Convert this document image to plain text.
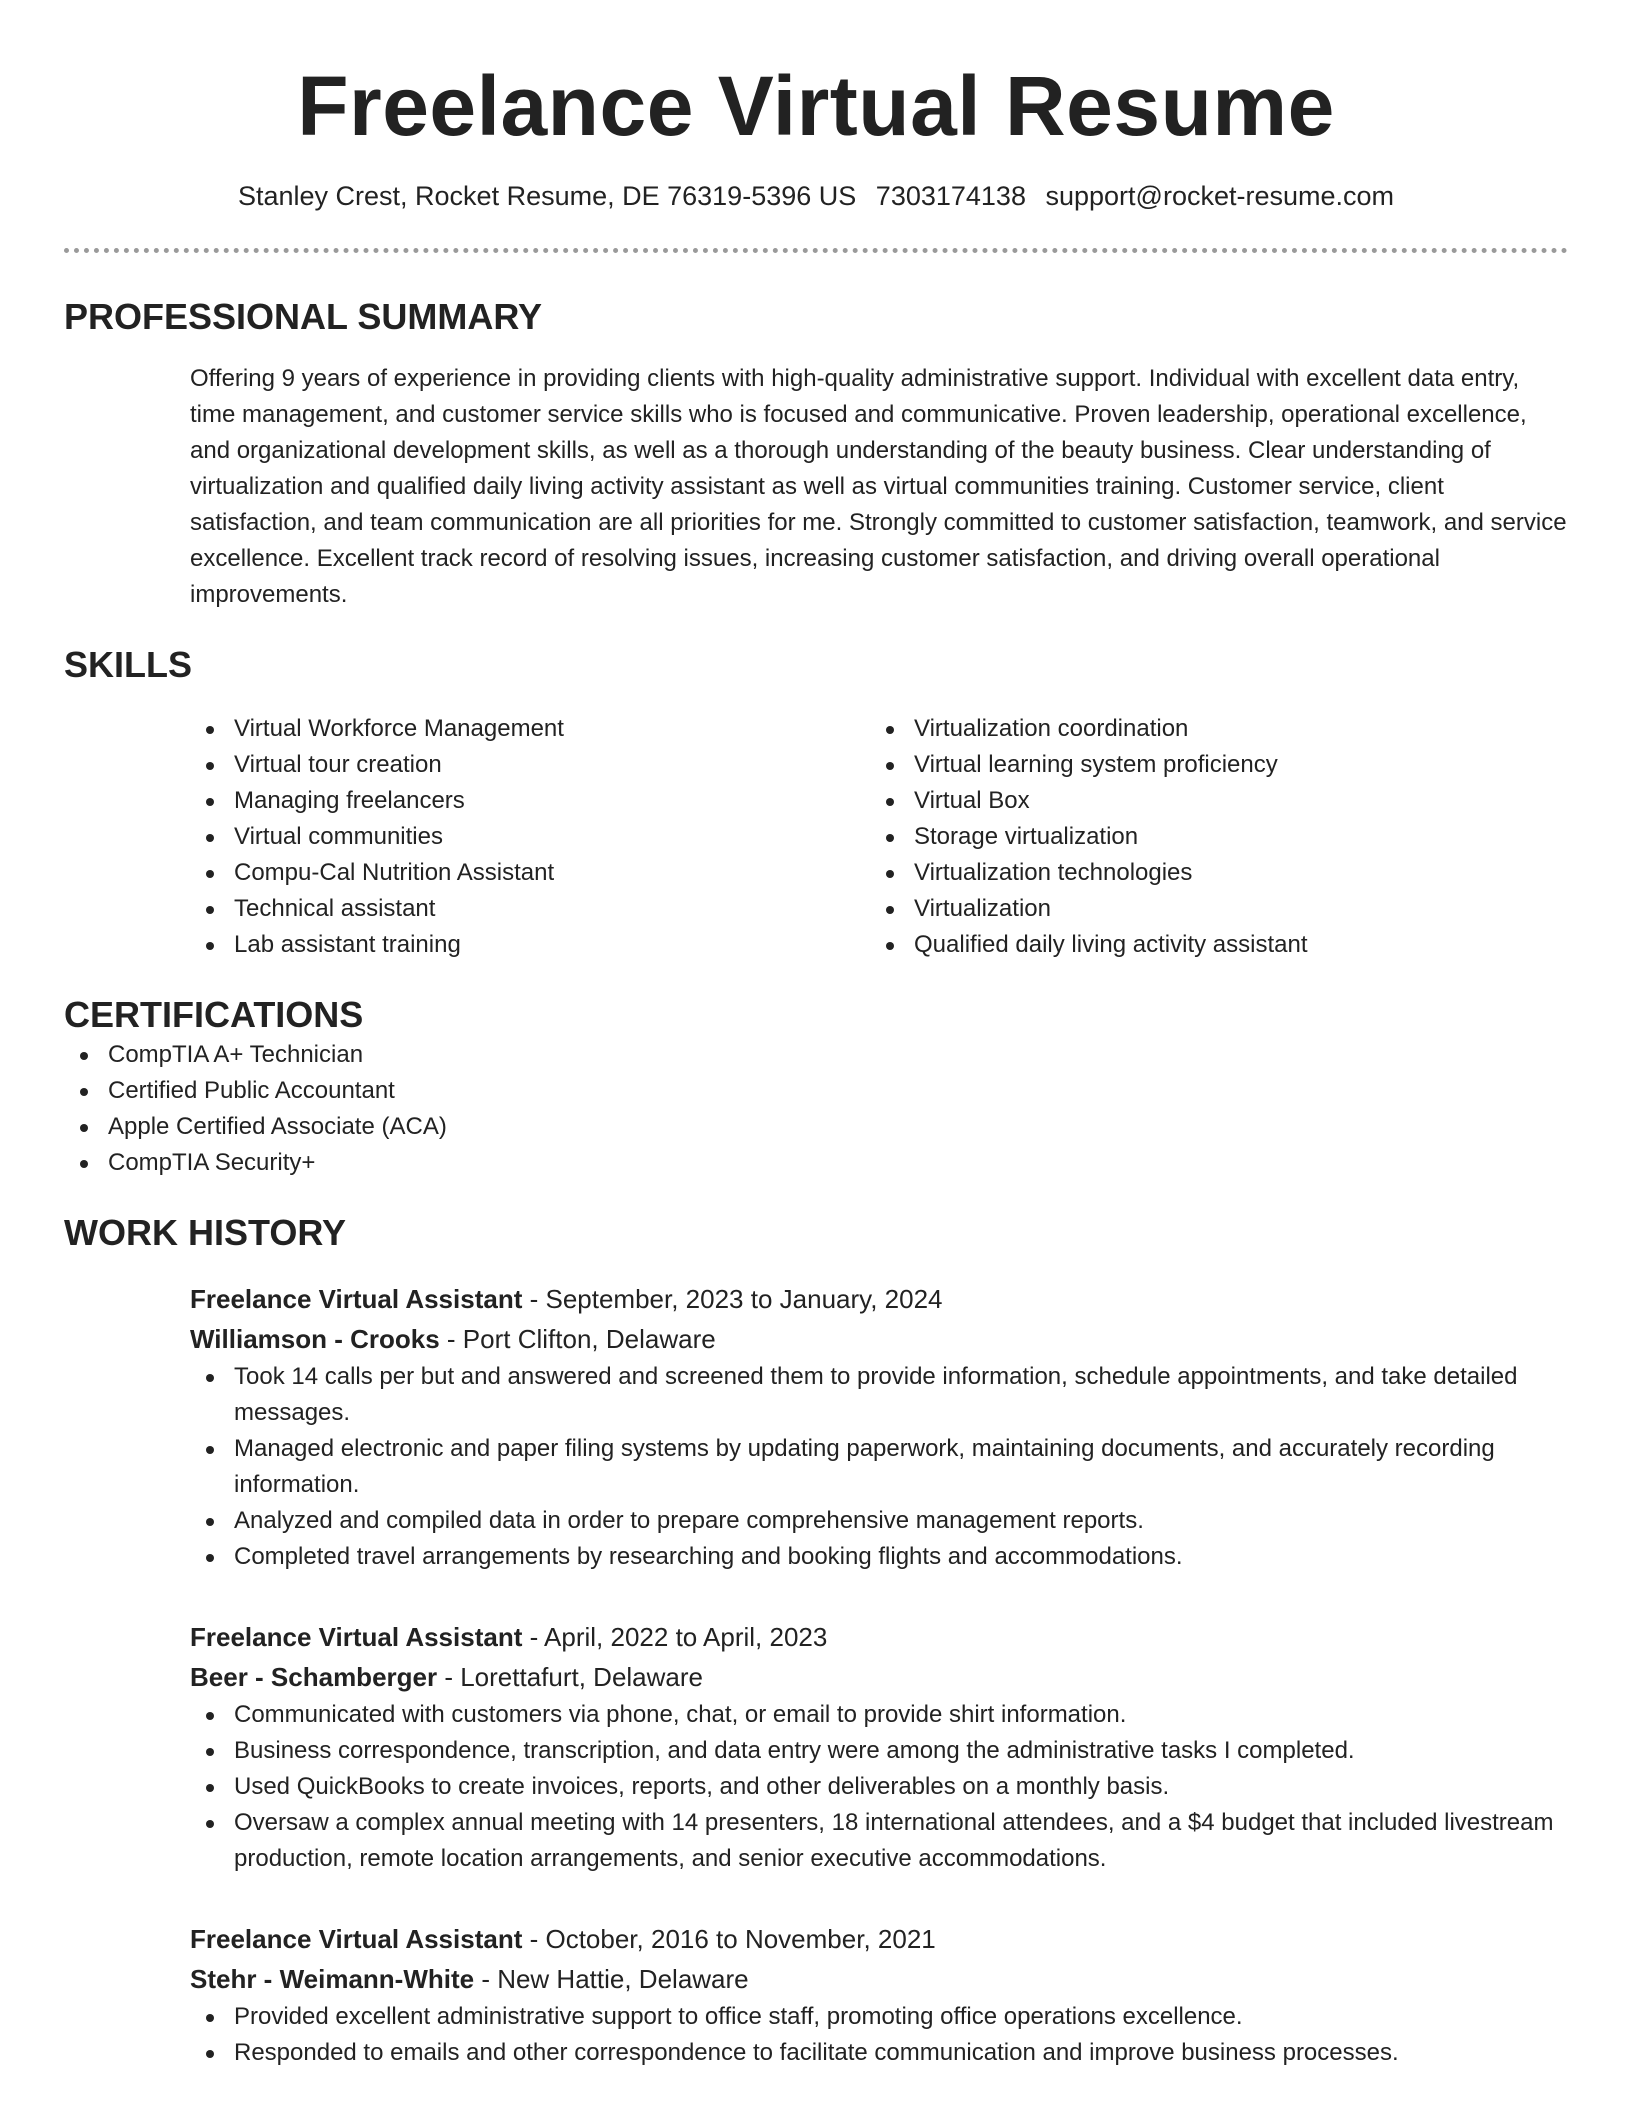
Freelance Virtual Resume
Stanley Crest, Rocket Resume, DE 76319-5396 US 7303174138 support@rocket-resume.com
PROFESSIONAL SUMMARY

Offering 9 years of experience in providing clients with high-quality administrative support. Individual with excellent data entry, time management, and customer service skills who is focused and communicative. Proven leadership, operational excellence, and organizational development skills, as well as a thorough understanding of the beauty business. Clear understanding of virtualization and qualified daily living activity assistant as well as virtual communities training. Customer service, client satisfaction, and team communication are all priorities for me. Strongly committed to customer satisfaction, teamwork, and service excellence. Excellent track record of resolving issues, increasing customer satisfaction, and driving overall operational improvements.

SKILLS
Virtual Workforce Management
Virtual tour creation
Managing freelancers
Virtual communities
Compu-Cal Nutrition Assistant
Technical assistant
Lab assistant training
Virtualization coordination
Virtual learning system proficiency
Virtual Box
Storage virtualization
Virtualization technologies
Virtualization
Qualified daily living activity assistant
CERTIFICATIONS
CompTIA A+ Technician
Certified Public Accountant
Apple Certified Associate (ACA)
CompTIA Security+
WORK HISTORY
Freelance Virtual Assistant - September, 2023 to January, 2024
Williamson - Crooks - Port Clifton, Delaware
Took 14 calls per but and answered and screened them to provide information, schedule appointments, and take detailed messages.
Managed electronic and paper filing systems by updating paperwork, maintaining documents, and accurately recording information.
Analyzed and compiled data in order to prepare comprehensive management reports.
Completed travel arrangements by researching and booking flights and accommodations.
Freelance Virtual Assistant - April, 2022 to April, 2023
Beer - Schamberger - Lorettafurt, Delaware
Communicated with customers via phone, chat, or email to provide shirt information.
Business correspondence, transcription, and data entry were among the administrative tasks I completed.
Used QuickBooks to create invoices, reports, and other deliverables on a monthly basis.
Oversaw a complex annual meeting with 14 presenters, 18 international attendees, and a $4 budget that included livestream production, remote location arrangements, and senior executive accommodations.
Freelance Virtual Assistant - October, 2016 to November, 2021
Stehr - Weimann-White - New Hattie, Delaware
Provided excellent administrative support to office staff, promoting office operations excellence.
Responded to emails and other correspondence to facilitate communication and improve business processes.
